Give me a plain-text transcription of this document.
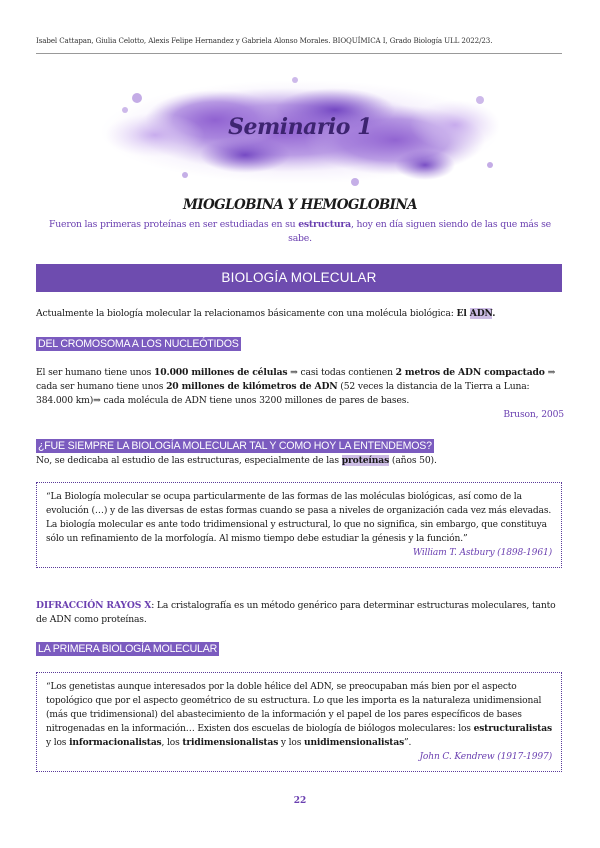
Isabel Cattapan, Giulia Celotto, Alexis Felipe Hernandez y Gabriela Alonso Morales. BIOQUÍMICA I, Grado Biología ULL 2022/23.
Seminario 1
MIOGLOBINA Y HEMOGLOBINA
Fueron las primeras proteínas en ser estudiadas en su estructura, hoy en día siguen siendo de las que más se sabe.
BIOLOGÍA MOLECULAR
Actualmente la biología molecular la relacionamos básicamente con una molécula biológica: El ADN.
DEL CROMOSOMA A LOS NUCLEÓTIDOS
El ser humano tiene unos 10.000 millones de células ⇒ casi todas contienen 2 metros de ADN compactado ⇒ cada ser humano tiene unos 20 millones de kilómetros de ADN (52 veces la distancia de la Tierra a Luna: 384.000 km)⇒ cada molécula de ADN tiene unos 3200 millones de pares de bases.
Bruson, 2005
¿FUE SIEMPRE LA BIOLOGÍA MOLECULAR TAL Y COMO HOY LA ENTENDEMOS?
No, se dedicaba al estudio de las estructuras, especialmente de las proteínas (años 50).
“La Biología molecular se ocupa particularmente de las formas de las moléculas biológicas, así como de la evolución (…) y de las diversas de estas formas cuando se pasa a niveles de organización cada vez más elevadas. La biología molecular es ante todo tridimensional y estructural, lo que no significa, sin embargo, que constituya sólo un refinamiento de la morfología. Al mismo tiempo debe estudiar la génesis y la función.”
William T. Astbury (1898-1961)
DIFRACCIÓN RAYOS X: La cristalografía es un método genérico para determinar estructuras moleculares, tanto de ADN como proteínas.
LA PRIMERA BIOLOGÍA MOLECULAR
“Los genetistas aunque interesados por la doble hélice del ADN, se preocupaban más bien por el aspecto topológico que por el aspecto geométrico de su estructura. Lo que les importa es la naturaleza unidimensional (más que tridimensional) del abastecimiento de la información y el papel de los pares específicos de bases nitrogenadas en la información… Existen dos escuelas de biología de biólogos moleculares: los estructuralistas y los informacionalistas, los tridimensionalistas y los unidimensionalistas”.
John C. Kendrew (1917-1997)
22
